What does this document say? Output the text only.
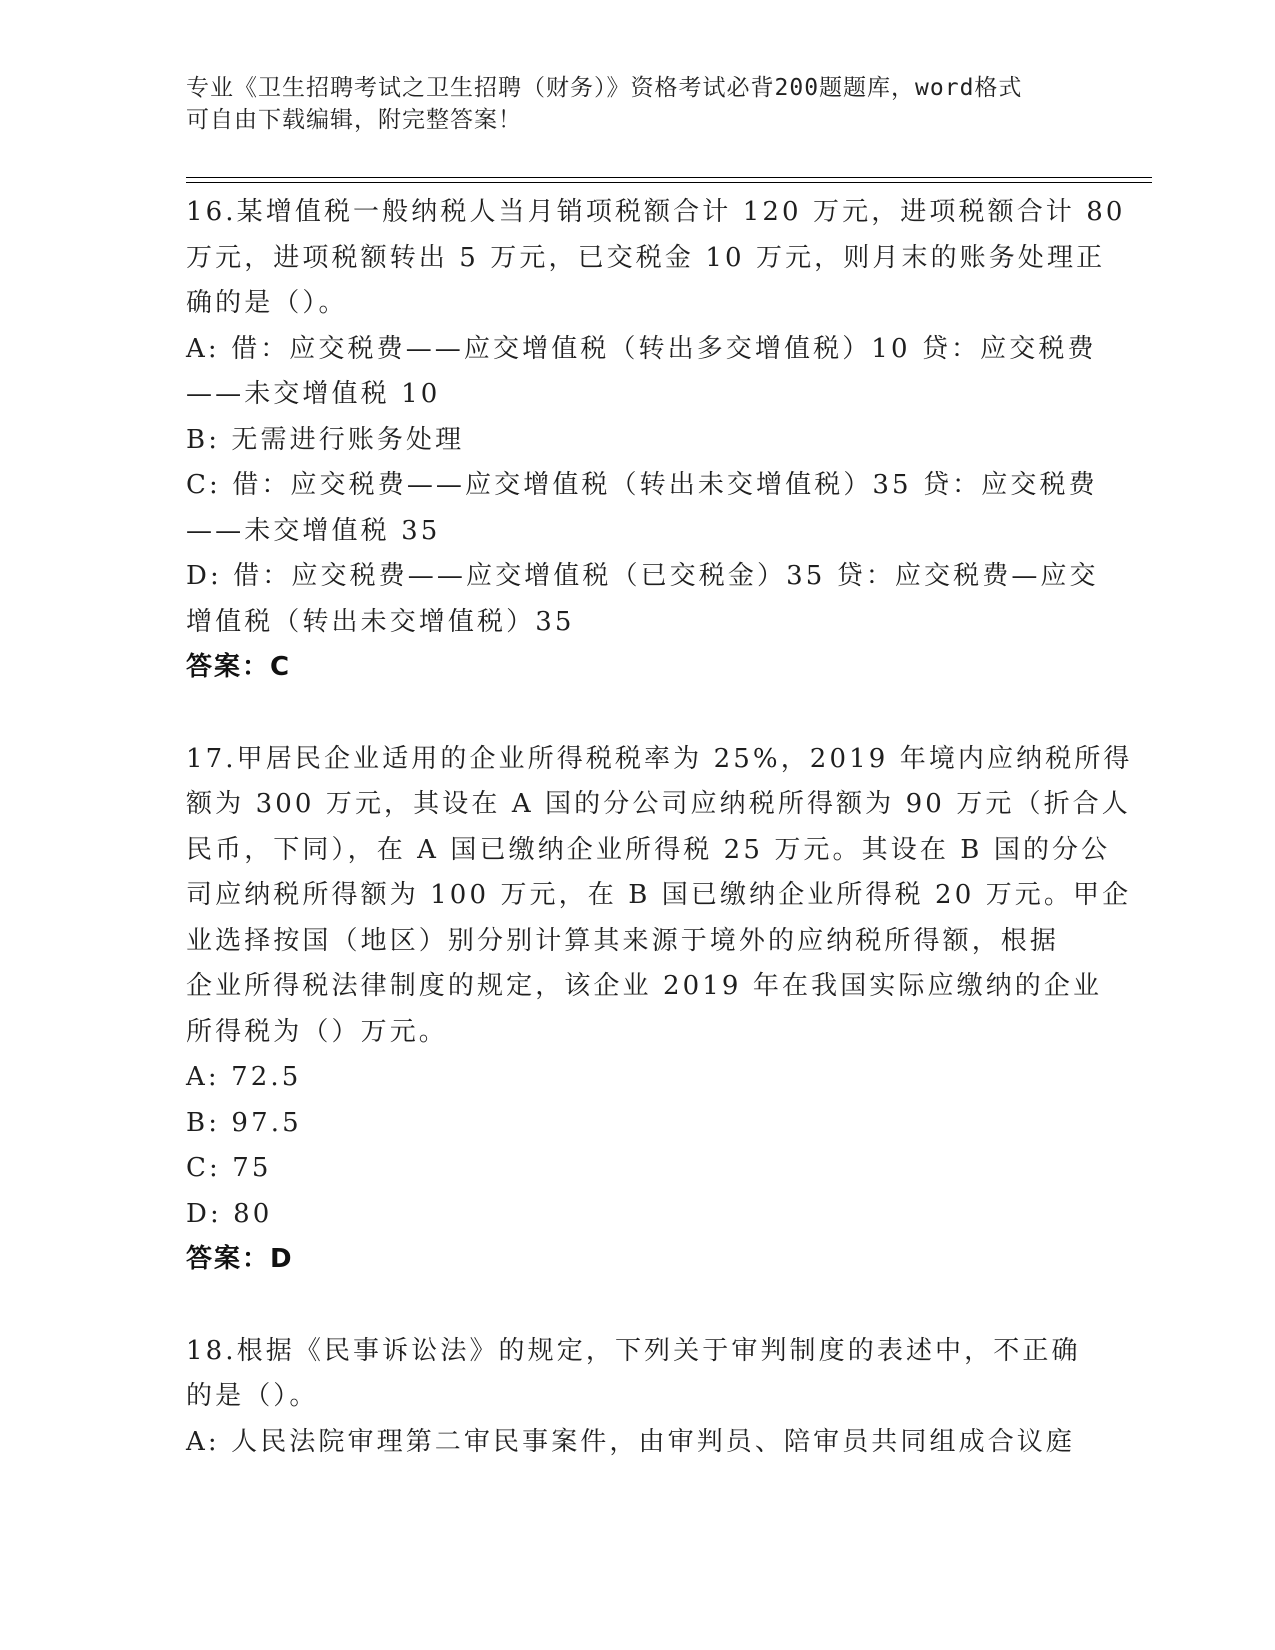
专业《卫生招聘考试之卫生招聘（财务）》资格考试必背200题题库，word格式
可自由下载编辑，附完整答案！
16.某增值税一般纳税人当月销项税额合计 120 万元，进项税额合计 80
万元，进项税额转出 5 万元，已交税金 10 万元，则月末的账务处理正
确的是（）。
A: 借：应交税费——应交增值税（转出多交增值税）10 贷：应交税费
——未交增值税 10
B: 无需进行账务处理
C: 借：应交税费——应交增值税（转出未交增值税）35 贷：应交税费
——未交增值税 35
D: 借：应交税费——应交增值税（已交税金）35 贷：应交税费—应交
增值税（转出未交增值税）35
答案：C
17.甲居民企业适用的企业所得税税率为 25%，2019 年境内应纳税所得
额为 300 万元，其设在 A 国的分公司应纳税所得额为 90 万元（折合人
民币，下同），在 A 国已缴纳企业所得税 25 万元。其设在 B 国的分公
司应纳税所得额为 100 万元，在 B 国已缴纳企业所得税 20 万元。甲企
业选择按国（地区）别分别计算其来源于境外的应纳税所得额，根据
企业所得税法律制度的规定，该企业 2019 年在我国实际应缴纳的企业
所得税为（）万元。
A: 72.5
B: 97.5
C: 75
D: 80
答案：D
18.根据《民事诉讼法》的规定，下列关于审判制度的表述中，不正确
的是（）。
A: 人民法院审理第二审民事案件，由审判员、陪审员共同组成合议庭
